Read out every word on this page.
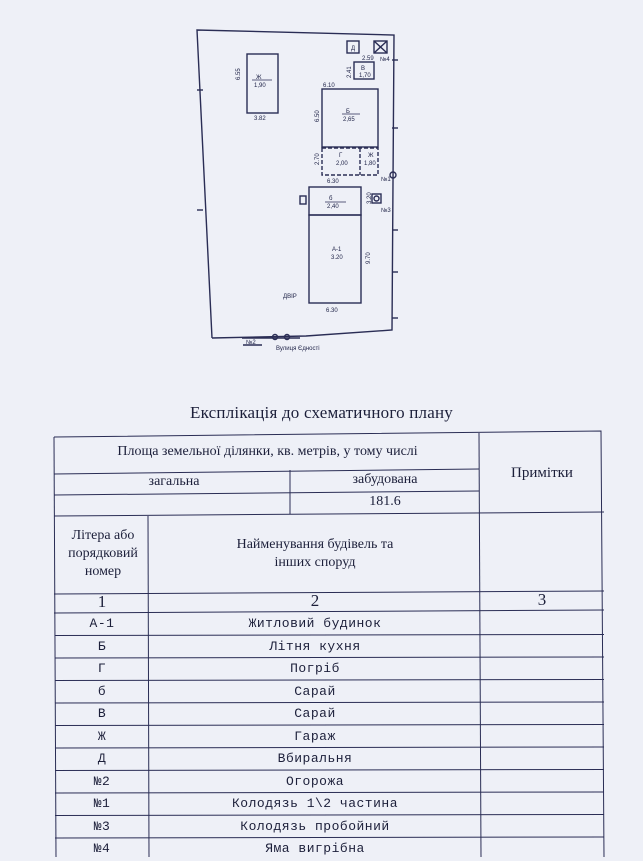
6.55 Ж
1,90
3.82
6.10
6.50	Б
2,65
2.70	Г
2,00
Ж
1,80
6.30
Д
2.59
2.41 В
1,70
б
2,40
3.20
А-1
3.20	9.70
6.30
ДВІР
№1
№3
№4
№2
Вулиця Єдності
Експлікація до схематичного плану
Площа земельної ділянки, кв. метрів, у тому числі
загальна	забудована
181.6
Примітки
Літера або порядковий номер
Найменування будівель та інших споруд
1	2	3
А-1	Житловий будинок
Б	Літня кухня
Г	Погріб
б	Сарай
В	Сарай
Ж	Гараж
Д	Вбиральня
№2	Огорожа
№1	Колодязь 1\2 частина
№3	Колодязь пробойний
№4	Яма вигрібна
